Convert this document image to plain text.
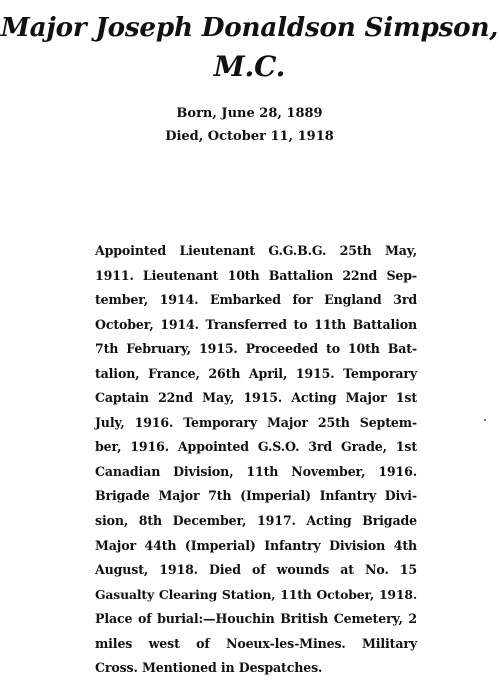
Major Joseph Donaldson Simpson,
M.C.
Born, June 28, 1889
Died, October 11, 1918
Appointed Lieutenant G.G.B.G. 25th May,
1911. Lieutenant 10th Battalion 22nd Sep-
tember, 1914. Embarked for England 3rd
October, 1914. Transferred to 11th Battalion
7th February, 1915. Proceeded to 10th Bat-
talion, France, 26th April, 1915. Temporary
Captain 22nd May, 1915. Acting Major 1st
July, 1916. Temporary Major 25th Septem-
ber, 1916. Appointed G.S.O. 3rd Grade, 1st
Canadian Division, 11th November, 1916.
Brigade Major 7th (Imperial) Infantry Divi-
sion, 8th December, 1917. Acting Brigade
Major 44th (Imperial) Infantry Division 4th
August, 1918. Died of wounds at No. 15
Gasualty Clearing Station, 11th October, 1918.
Place of burial:—Houchin British Cemetery, 2
miles west of Noeux-les-Mines. Military
Cross. Mentioned in Despatches.
